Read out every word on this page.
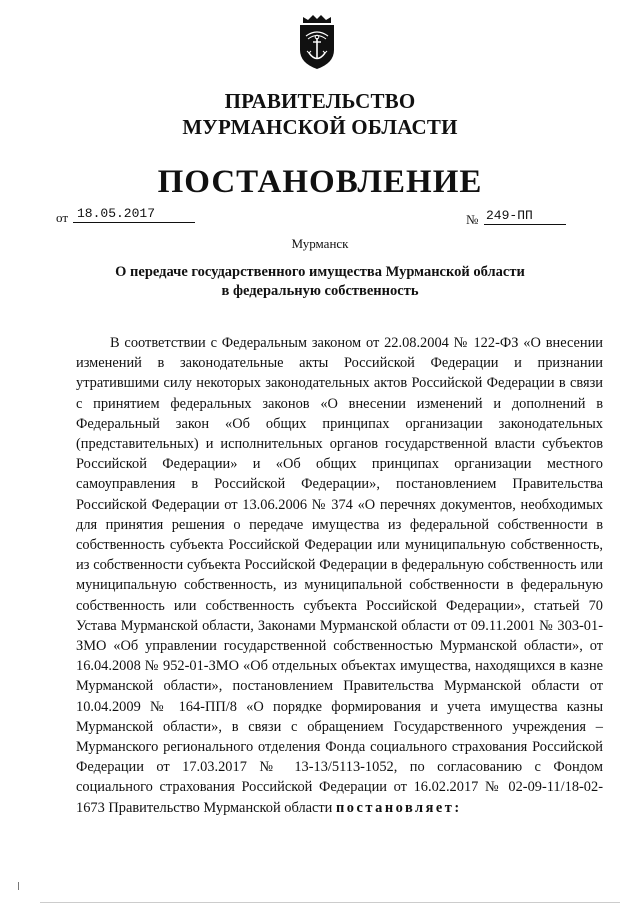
ПРАВИТЕЛЬСТВО
МУРМАНСКОЙ ОБЛАСТИ
ПОСТАНОВЛЕНИЕ
от 18.05.2017	№ 249-ПП
Мурманск
О передаче государственного имущества Мурманской области
в федеральную собственность

В соответствии с Федеральным законом от 22.08.2004 № 122-ФЗ «О внесении изменений в законодательные акты Российской Федерации и признании утратившими силу некоторых законодательных актов Российской Федерации в связи с принятием федеральных законов «О внесении изменений и дополнений в Федеральный закон «Об общих принципах организации законодательных (представительных) и исполнительных органов государственной власти субъектов Российской Федерации» и «Об общих принципах организации местного самоуправления в Российской Федерации», постановлением Правительства Российской Федерации от 13.06.2006 № 374 «О перечнях документов, необходимых для принятия решения о передаче имущества из федеральной собственности в собственность субъекта Российской Федерации или муниципальную собственность, из собственности субъекта Российской Федерации в федеральную собственность или муниципальную собственность, из муниципальной собственности в федеральную собственность или собственность субъекта Российской Федерации», статьей 70 Устава Мурманской области, Законами Мурманской области от 09.11.2001 № 303-01-ЗМО «Об управлении государственной собственностью Мурманской области», от 16.04.2008 № 952-01-ЗМО «Об отдельных объектах имущества, находящихся в казне Мурманской области», постановлением Правительства Мурманской области от 10.04.2009 № 164-ПП/8 «О порядке формирования и учета имущества казны Мурманской области», в связи с обращением Государственного учреждения – Мурманского регионального отделения Фонда социального страхования Российской Федерации от 17.03.2017 № 13-13/5113-1052, по согласованию с Фондом социального страхования Российской Федерации от 16.02.2017 № 02-09-11/18-02-1673 Правительство Мурманской области постановляет:
